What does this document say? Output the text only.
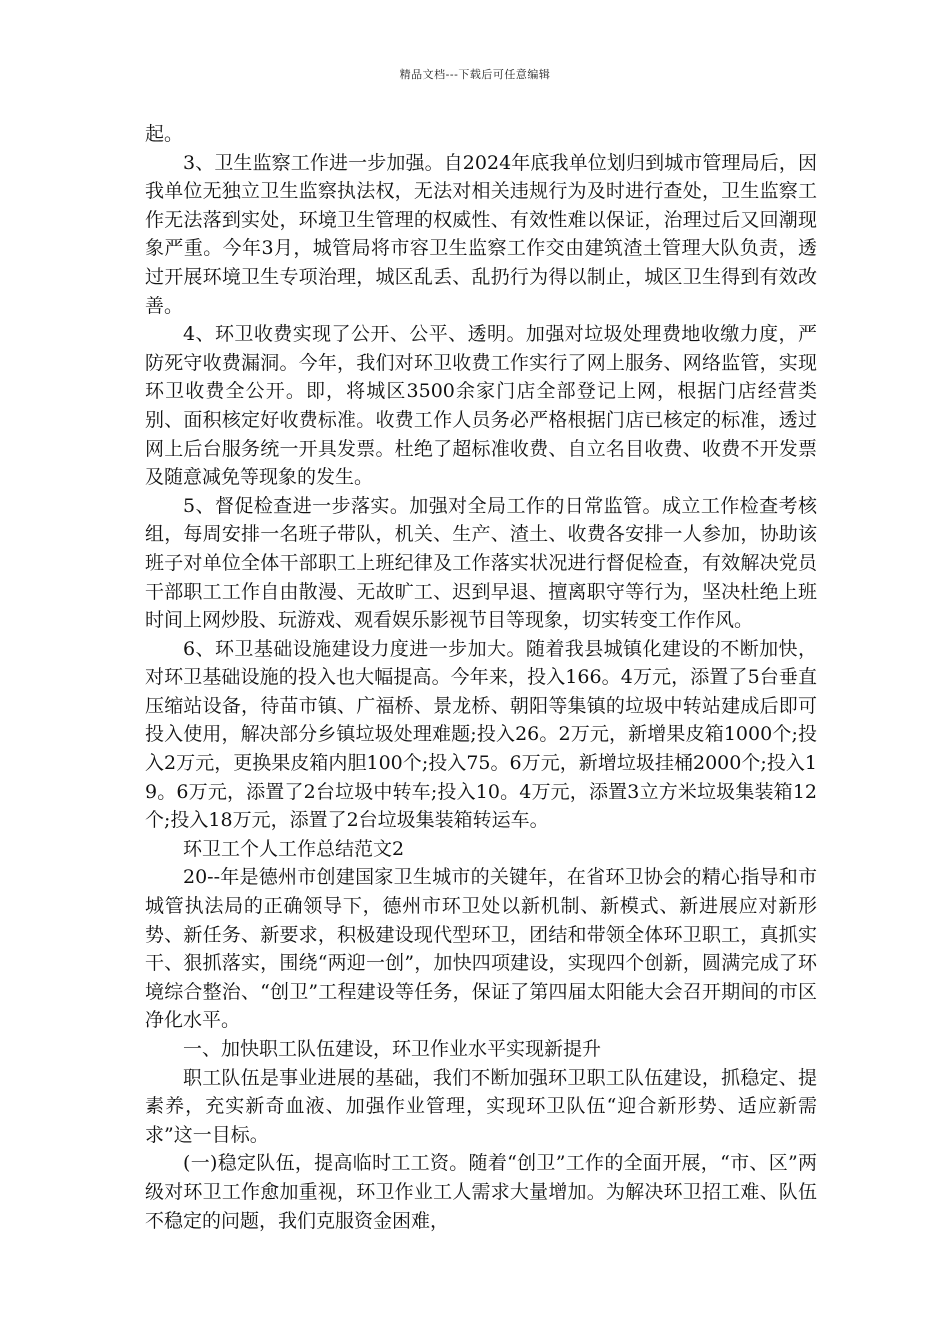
精品文档---下载后可任意编辑

起。

3、卫生监察工作进一步加强。自2024年底我单位划归到城市管理局后，因我单位无独立卫生监察执法权，无法对相关违规行为及时进行查处，卫生监察工作无法落到实处，环境卫生管理的权威性、有效性难以保证，治理过后又回潮现象严重。今年3月，城管局将市容卫生监察工作交由建筑渣土管理大队负责，透过开展环境卫生专项治理，城区乱丢、乱扔行为得以制止，城区卫生得到有效改善。

4、环卫收费实现了公开、公平、透明。加强对垃圾处理费地收缴力度，严防死守收费漏洞。今年，我们对环卫收费工作实行了网上服务、网络监管，实现环卫收费全公开。即，将城区3500余家门店全部登记上网，根据门店经营类别、面积核定好收费标准。收费工作人员务必严格根据门店已核定的标准，透过网上后台服务统一开具发票。杜绝了超标准收费、自立名目收费、收费不开发票及随意减免等现象的发生。

5、督促检查进一步落实。加强对全局工作的日常监管。成立工作检查考核组，每周安排一名班子带队，机关、生产、渣土、收费各安排一人参加，协助该班子对单位全体干部职工上班纪律及工作落实状况进行督促检查，有效解决党员干部职工工作自由散漫、无故旷工、迟到早退、擅离职守等行为，坚决杜绝上班时间上网炒股、玩游戏、观看娱乐影视节目等现象，切实转变工作作风。

6、环卫基础设施建设力度进一步加大。随着我县城镇化建设的不断加快，对环卫基础设施的投入也大幅提高。今年来，投入166。4万元，添置了5台垂直压缩站设备，待苗市镇、广福桥、景龙桥、朝阳等集镇的垃圾中转站建成后即可投入使用，解决部分乡镇垃圾处理难题;投入26。2万元，新增果皮箱1000个;投入2万元，更换果皮箱内胆100个;投入75。6万元，新增垃圾挂桶2000个;投入19。6万元，添置了2台垃圾中转车;投入10。4万元，添置3立方米垃圾集装箱12个;投入18万元，添置了2台垃圾集装箱转运车。

环卫工个人工作总结范文2

20--年是德州市创建国家卫生城市的关键年，在省环卫协会的精心指导和市城管执法局的正确领导下，德州市环卫处以新机制、新模式、新进展应对新形势、新任务、新要求，积极建设现代型环卫，团结和带领全体环卫职工，真抓实干、狠抓落实，围绕“两迎一创”，加快四项建设，实现四个创新，圆满完成了环境综合整治、“创卫”工程建设等任务，保证了第四届太阳能大会召开期间的市区净化水平。

一、加快职工队伍建设，环卫作业水平实现新提升

职工队伍是事业进展的基础，我们不断加强环卫职工队伍建设，抓稳定、提素养，充实新奇血液、加强作业管理，实现环卫队伍“迎合新形势、适应新需求”这一目标。

(一)稳定队伍，提高临时工工资。随着“创卫”工作的全面开展，“市、区”两级对环卫工作愈加重视，环卫作业工人需求大量增加。为解决环卫招工难、队伍不稳定的问题，我们克服资金困难，
